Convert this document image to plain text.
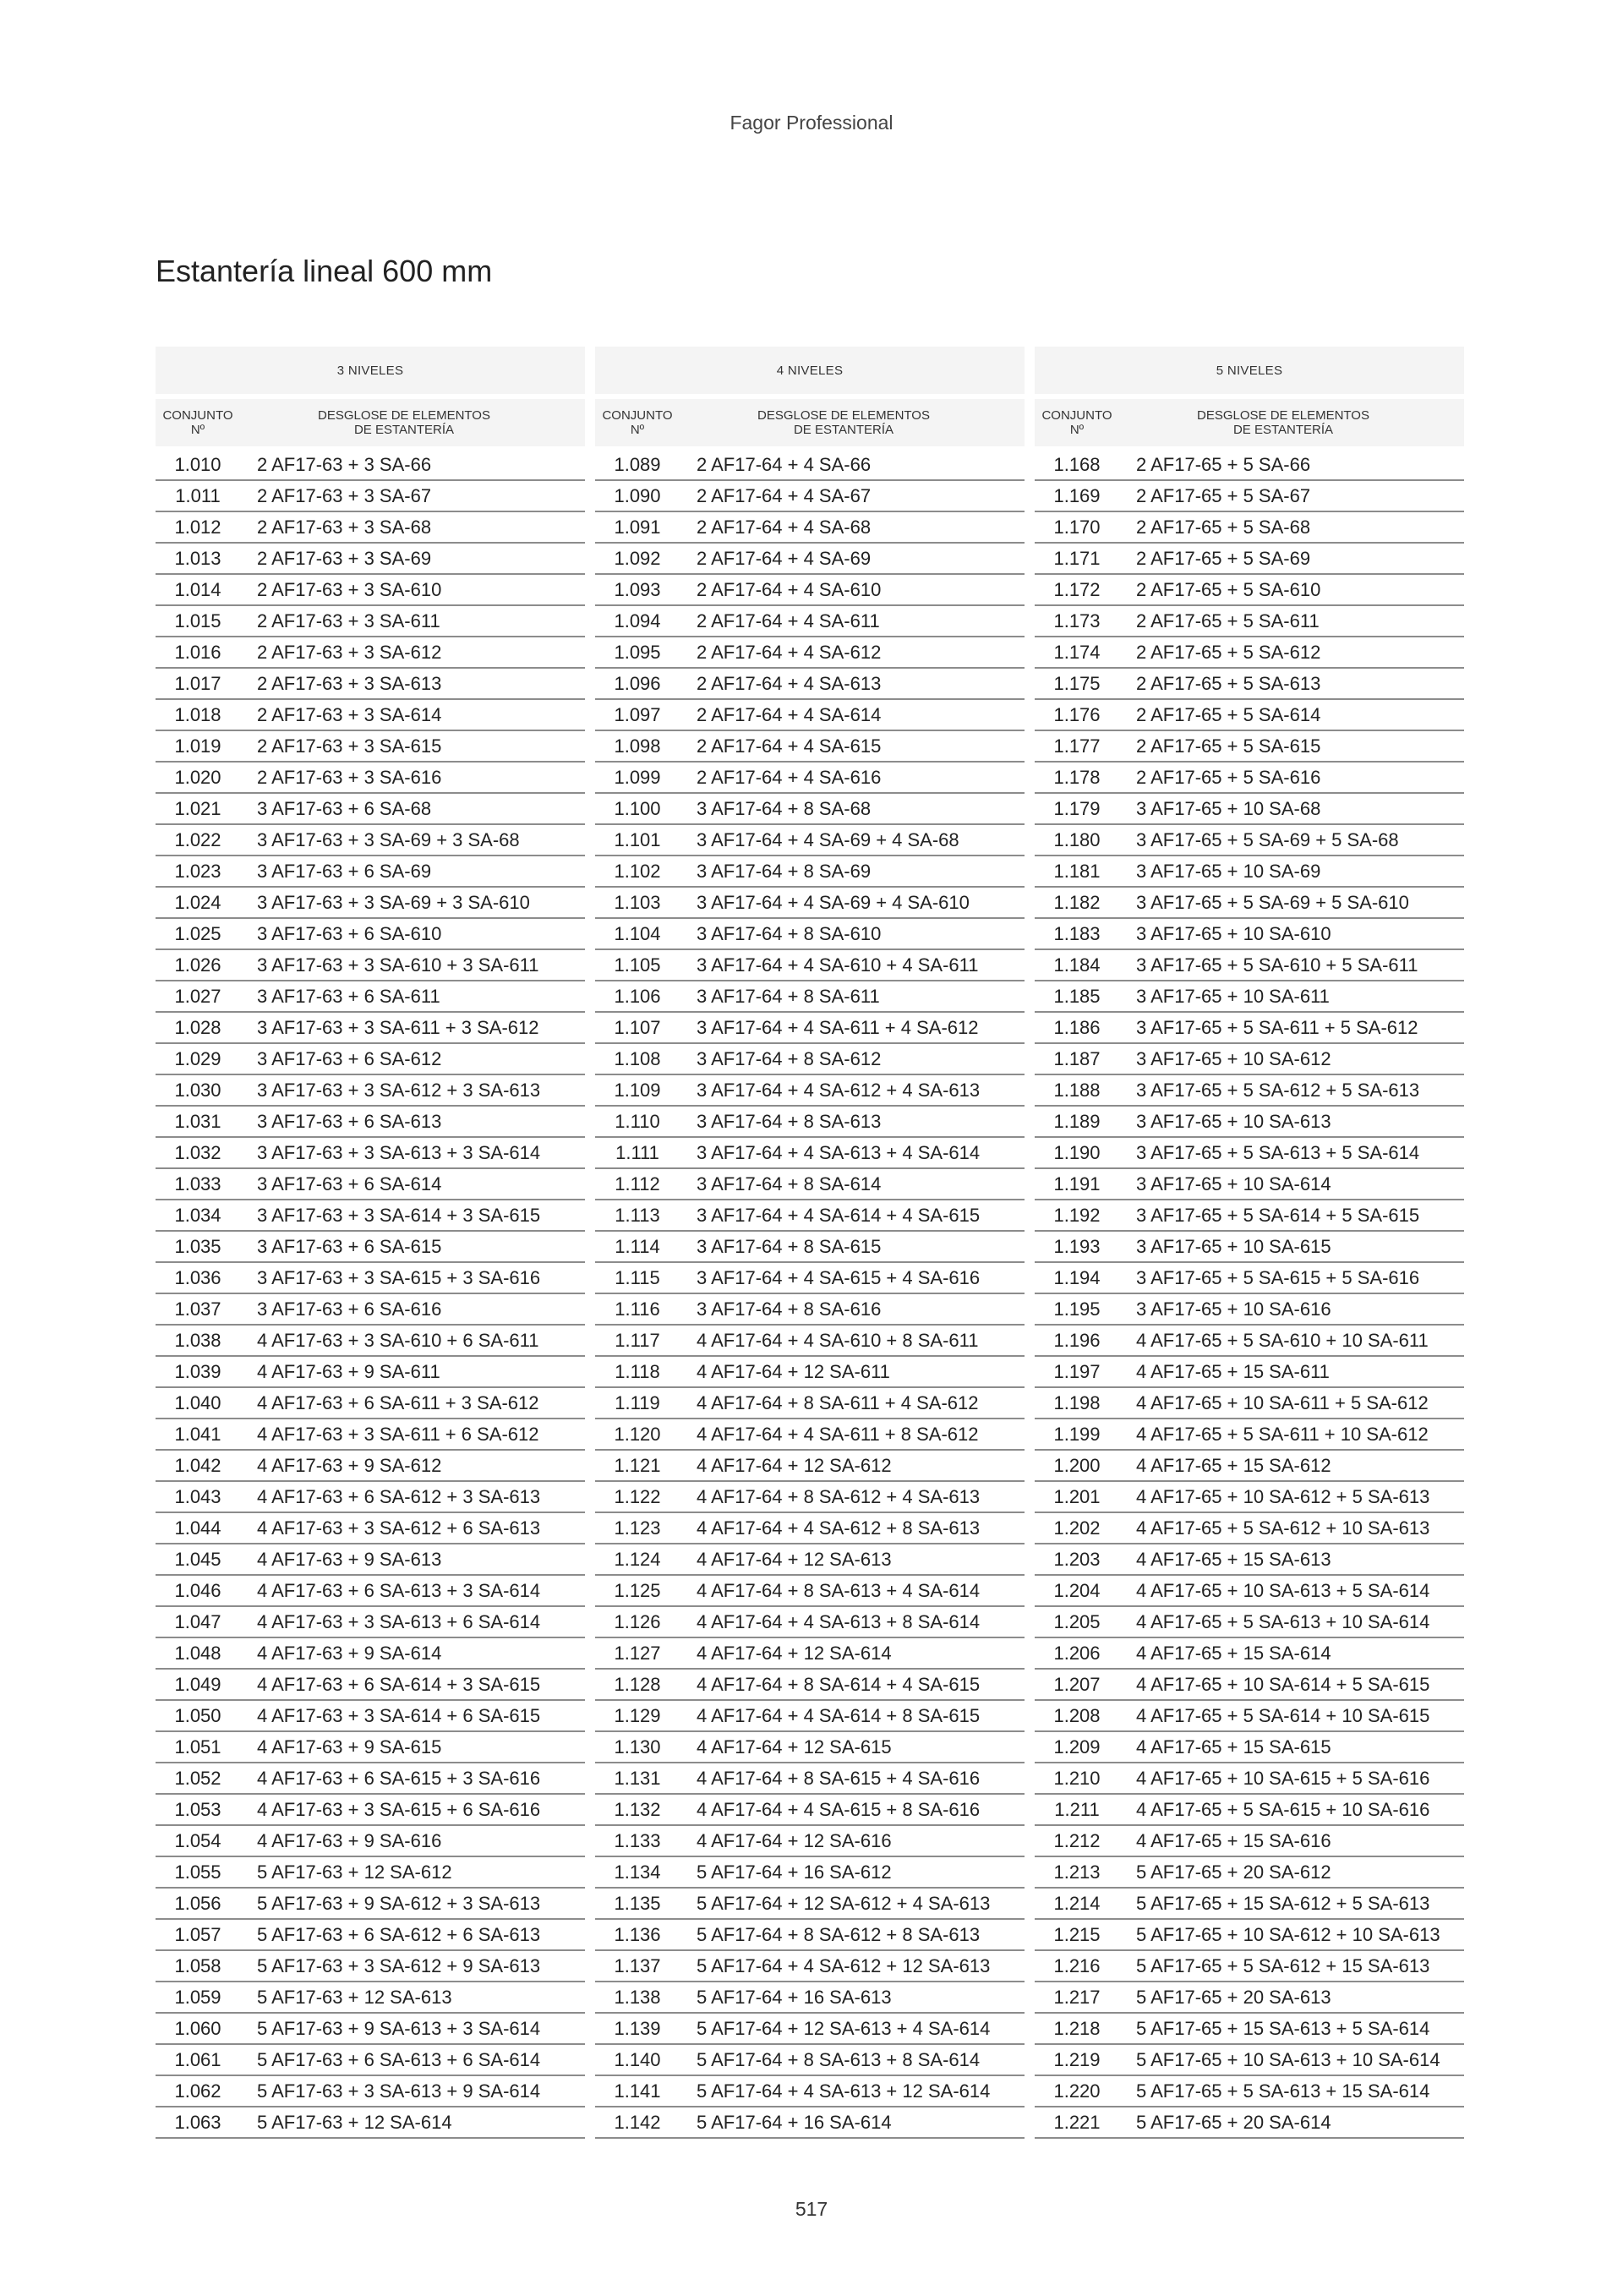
Fagor Professional
Estantería lineal 600 mm
3 NIVELES
CONJUNTO
Nº
DESGLOSE DE ELEMENTOS
DE ESTANTERÍA
1.010	2 AF17-63 + 3 SA-66
1.011	2 AF17-63 + 3 SA-67
1.012	2 AF17-63 + 3 SA-68
1.013	2 AF17-63 + 3 SA-69
1.014	2 AF17-63 + 3 SA-610
1.015	2 AF17-63 + 3 SA-611
1.016	2 AF17-63 + 3 SA-612
1.017	2 AF17-63 + 3 SA-613
1.018	2 AF17-63 + 3 SA-614
1.019	2 AF17-63 + 3 SA-615
1.020	2 AF17-63 + 3 SA-616
1.021	3 AF17-63 + 6 SA-68
1.022	3 AF17-63 + 3 SA-69 + 3 SA-68
1.023	3 AF17-63 + 6 SA-69
1.024	3 AF17-63 + 3 SA-69 + 3 SA-610
1.025	3 AF17-63 + 6 SA-610
1.026	3 AF17-63 + 3 SA-610 + 3 SA-611
1.027	3 AF17-63 + 6 SA-611
1.028	3 AF17-63 + 3 SA-611 + 3 SA-612
1.029	3 AF17-63 + 6 SA-612
1.030	3 AF17-63 + 3 SA-612 + 3 SA-613
1.031	3 AF17-63 + 6 SA-613
1.032	3 AF17-63 + 3 SA-613 + 3 SA-614
1.033	3 AF17-63 + 6 SA-614
1.034	3 AF17-63 + 3 SA-614 + 3 SA-615
1.035	3 AF17-63 + 6 SA-615
1.036	3 AF17-63 + 3 SA-615 + 3 SA-616
1.037	3 AF17-63 + 6 SA-616
1.038	4 AF17-63 + 3 SA-610 + 6 SA-611
1.039	4 AF17-63 + 9 SA-611
1.040	4 AF17-63 + 6 SA-611 + 3 SA-612
1.041	4 AF17-63 + 3 SA-611 + 6 SA-612
1.042	4 AF17-63 + 9 SA-612
1.043	4 AF17-63 + 6 SA-612 + 3 SA-613
1.044	4 AF17-63 + 3 SA-612 + 6 SA-613
1.045	4 AF17-63 + 9 SA-613
1.046	4 AF17-63 + 6 SA-613 + 3 SA-614
1.047	4 AF17-63 + 3 SA-613 + 6 SA-614
1.048	4 AF17-63 + 9 SA-614
1.049	4 AF17-63 + 6 SA-614 + 3 SA-615
1.050	4 AF17-63 + 3 SA-614 + 6 SA-615
1.051	4 AF17-63 + 9 SA-615
1.052	4 AF17-63 + 6 SA-615 + 3 SA-616
1.053	4 AF17-63 + 3 SA-615 + 6 SA-616
1.054	4 AF17-63 + 9 SA-616
1.055	5 AF17-63 + 12 SA-612
1.056	5 AF17-63 + 9 SA-612 + 3 SA-613
1.057	5 AF17-63 + 6 SA-612 + 6 SA-613
1.058	5 AF17-63 + 3 SA-612 + 9 SA-613
1.059	5 AF17-63 + 12 SA-613
1.060	5 AF17-63 + 9 SA-613 + 3 SA-614
1.061	5 AF17-63 + 6 SA-613 + 6 SA-614
1.062	5 AF17-63 + 3 SA-613 + 9 SA-614
1.063	5 AF17-63 + 12 SA-614
4 NIVELES
CONJUNTO
Nº
DESGLOSE DE ELEMENTOS
DE ESTANTERÍA
1.089	2 AF17-64 + 4 SA-66
1.090	2 AF17-64 + 4 SA-67
1.091	2 AF17-64 + 4 SA-68
1.092	2 AF17-64 + 4 SA-69
1.093	2 AF17-64 + 4 SA-610
1.094	2 AF17-64 + 4 SA-611
1.095	2 AF17-64 + 4 SA-612
1.096	2 AF17-64 + 4 SA-613
1.097	2 AF17-64 + 4 SA-614
1.098	2 AF17-64 + 4 SA-615
1.099	2 AF17-64 + 4 SA-616
1.100	3 AF17-64 + 8 SA-68
1.101	3 AF17-64 + 4 SA-69 + 4 SA-68
1.102	3 AF17-64 + 8 SA-69
1.103	3 AF17-64 + 4 SA-69 + 4 SA-610
1.104	3 AF17-64 + 8 SA-610
1.105	3 AF17-64 + 4 SA-610 + 4 SA-611
1.106	3 AF17-64 + 8 SA-611
1.107	3 AF17-64 + 4 SA-611 + 4 SA-612
1.108	3 AF17-64 + 8 SA-612
1.109	3 AF17-64 + 4 SA-612 + 4 SA-613
1.110	3 AF17-64 + 8 SA-613
1.111	3 AF17-64 + 4 SA-613 + 4 SA-614
1.112	3 AF17-64 + 8 SA-614
1.113	3 AF17-64 + 4 SA-614 + 4 SA-615
1.114	3 AF17-64 + 8 SA-615
1.115	3 AF17-64 + 4 SA-615 + 4 SA-616
1.116	3 AF17-64 + 8 SA-616
1.117	4 AF17-64 + 4 SA-610 + 8 SA-611
1.118	4 AF17-64 + 12 SA-611
1.119	4 AF17-64 + 8 SA-611 + 4 SA-612
1.120	4 AF17-64 + 4 SA-611 + 8 SA-612
1.121	4 AF17-64 + 12 SA-612
1.122	4 AF17-64 + 8 SA-612 + 4 SA-613
1.123	4 AF17-64 + 4 SA-612 + 8 SA-613
1.124	4 AF17-64 + 12 SA-613
1.125	4 AF17-64 + 8 SA-613 + 4 SA-614
1.126	4 AF17-64 + 4 SA-613 + 8 SA-614
1.127	4 AF17-64 + 12 SA-614
1.128	4 AF17-64 + 8 SA-614 + 4 SA-615
1.129	4 AF17-64 + 4 SA-614 + 8 SA-615
1.130	4 AF17-64 + 12 SA-615
1.131	4 AF17-64 + 8 SA-615 + 4 SA-616
1.132	4 AF17-64 + 4 SA-615 + 8 SA-616
1.133	4 AF17-64 + 12 SA-616
1.134	5 AF17-64 + 16 SA-612
1.135	5 AF17-64 + 12 SA-612 + 4 SA-613
1.136	5 AF17-64 + 8 SA-612 + 8 SA-613
1.137	5 AF17-64 + 4 SA-612 + 12 SA-613
1.138	5 AF17-64 + 16 SA-613
1.139	5 AF17-64 + 12 SA-613 + 4 SA-614
1.140	5 AF17-64 + 8 SA-613 + 8 SA-614
1.141	5 AF17-64 + 4 SA-613 + 12 SA-614
1.142	5 AF17-64 + 16 SA-614
5 NIVELES
CONJUNTO
Nº
DESGLOSE DE ELEMENTOS
DE ESTANTERÍA
1.168	2 AF17-65 + 5 SA-66
1.169	2 AF17-65 + 5 SA-67
1.170	2 AF17-65 + 5 SA-68
1.171	2 AF17-65 + 5 SA-69
1.172	2 AF17-65 + 5 SA-610
1.173	2 AF17-65 + 5 SA-611
1.174	2 AF17-65 + 5 SA-612
1.175	2 AF17-65 + 5 SA-613
1.176	2 AF17-65 + 5 SA-614
1.177	2 AF17-65 + 5 SA-615
1.178	2 AF17-65 + 5 SA-616
1.179	3 AF17-65 + 10 SA-68
1.180	3 AF17-65 + 5 SA-69 + 5 SA-68
1.181	3 AF17-65 + 10 SA-69
1.182	3 AF17-65 + 5 SA-69 + 5 SA-610
1.183	3 AF17-65 + 10 SA-610
1.184	3 AF17-65 + 5 SA-610 + 5 SA-611
1.185	3 AF17-65 + 10 SA-611
1.186	3 AF17-65 + 5 SA-611 + 5 SA-612
1.187	3 AF17-65 + 10 SA-612
1.188	3 AF17-65 + 5 SA-612 + 5 SA-613
1.189	3 AF17-65 + 10 SA-613
1.190	3 AF17-65 + 5 SA-613 + 5 SA-614
1.191	3 AF17-65 + 10 SA-614
1.192	3 AF17-65 + 5 SA-614 + 5 SA-615
1.193	3 AF17-65 + 10 SA-615
1.194	3 AF17-65 + 5 SA-615 + 5 SA-616
1.195	3 AF17-65 + 10 SA-616
1.196	4 AF17-65 + 5 SA-610 + 10 SA-611
1.197	4 AF17-65 + 15 SA-611
1.198	4 AF17-65 + 10 SA-611 + 5 SA-612
1.199	4 AF17-65 + 5 SA-611 + 10 SA-612
1.200	4 AF17-65 + 15 SA-612
1.201	4 AF17-65 + 10 SA-612 + 5 SA-613
1.202	4 AF17-65 + 5 SA-612 + 10 SA-613
1.203	4 AF17-65 + 15 SA-613
1.204	4 AF17-65 + 10 SA-613 + 5 SA-614
1.205	4 AF17-65 + 5 SA-613 + 10 SA-614
1.206	4 AF17-65 + 15 SA-614
1.207	4 AF17-65 + 10 SA-614 + 5 SA-615
1.208	4 AF17-65 + 5 SA-614 + 10 SA-615
1.209	4 AF17-65 + 15 SA-615
1.210	4 AF17-65 + 10 SA-615 + 5 SA-616
1.211	4 AF17-65 + 5 SA-615 + 10 SA-616
1.212	4 AF17-65 + 15 SA-616
1.213	5 AF17-65 + 20 SA-612
1.214	5 AF17-65 + 15 SA-612 + 5 SA-613
1.215	5 AF17-65 + 10 SA-612 + 10 SA-613
1.216	5 AF17-65 + 5 SA-612 + 15 SA-613
1.217	5 AF17-65 + 20 SA-613
1.218	5 AF17-65 + 15 SA-613 + 5 SA-614
1.219	5 AF17-65 + 10 SA-613 + 10 SA-614
1.220	5 AF17-65 + 5 SA-613 + 15 SA-614
1.221	5 AF17-65 + 20 SA-614
517
